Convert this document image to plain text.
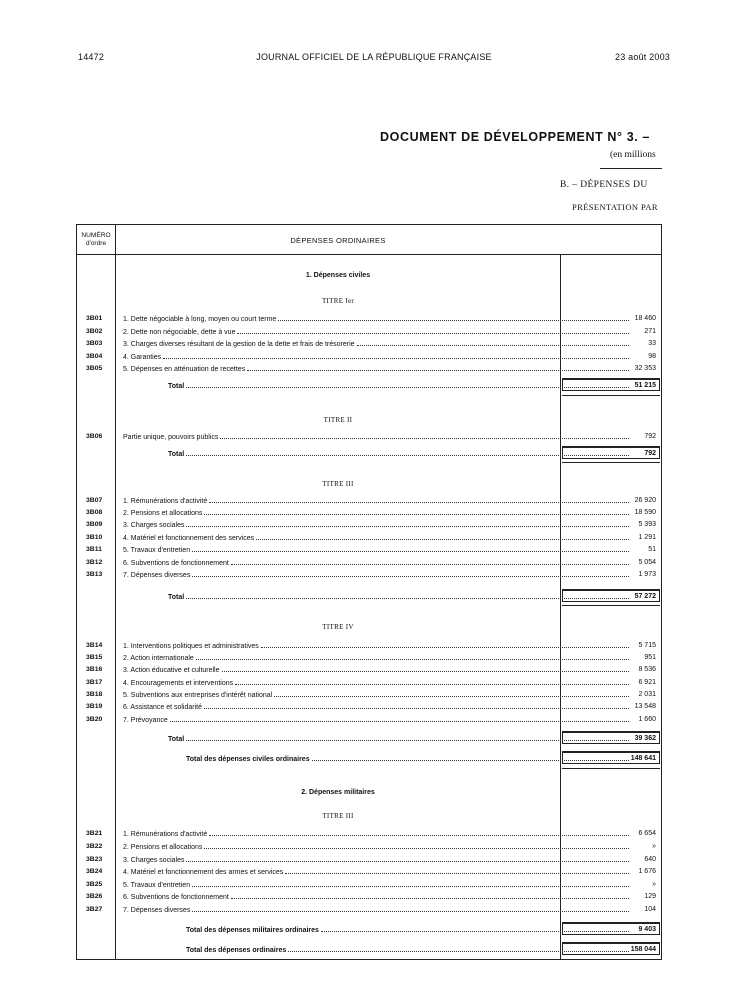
14472	JOURNAL OFFICIEL DE LA RÉPUBLIQUE FRANÇAISE	23 août 2003
DOCUMENT DE DÉVELOPPEMENT N° 3. –
(en millions
B. – DÉPENSES DU
PRÉSENTATION PAR
NUMÉRO
d'ordre	DÉPENSES ORDINAIRES
1. Dépenses civiles
TITRE Ier
TITRE II
TITRE III
TITRE IV
2. Dépenses militaires
TITRE III
3B01	1. Dette négociable à long, moyen ou court terme	18 460
3B02	2. Dette non négociable, dette à vue	271
3B03	3. Charges diverses résultant de la gestion de la dette et frais de trésorerie	33
3B04	4. Garanties	98
3B05	5. Dépenses en atténuation de recettes	32 353
Total	51 215
3B06	Partie unique, pouvoirs publics	792
Total	792
3B07	1. Rémunérations d'activité	26 920
3B08	2. Pensions et allocations	18 590
3B09	3. Charges sociales	5 393
3B10	4. Matériel et fonctionnement des services	1 291
3B11	5. Travaux d'entretien	51
3B12	6. Subventions de fonctionnement	5 054
3B13	7. Dépenses diverses	1 973
Total	57 272
3B14	1. Interventions politiques et administratives	5 715
3B15	2. Action internationale	951
3B16	3. Action éducative et culturelle	8 536
3B17	4. Encouragements et interventions	6 921
3B18	5. Subventions aux entreprises d'intérêt national	2 031
3B19	6. Assistance et solidarité	13 548
3B20	7. Prévoyance	1 660
Total	39 362
Total des dépenses civiles ordinaires	148 641
3B21	1. Rémunérations d'activité	6 654
3B22	2. Pensions et allocations	»
3B23	3. Charges sociales	640
3B24	4. Matériel et fonctionnement des armes et services	1 676
3B25	5. Travaux d'entretien	»
3B26	6. Subventions de fonctionnement	129
3B27	7. Dépenses diverses	104
Total des dépenses militaires ordinaires	9 403
Total des dépenses ordinaires	158 044
